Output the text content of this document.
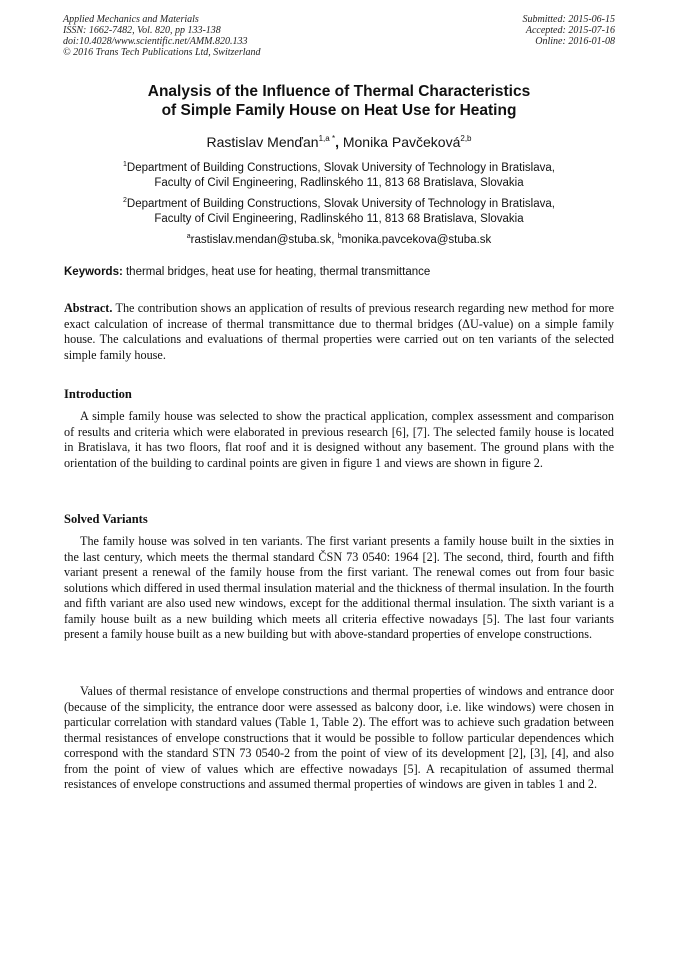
Applied Mechanics and Materials
ISSN: 1662-7482, Vol. 820, pp 133-138
doi:10.4028/www.scientific.net/AMM.820.133
© 2016 Trans Tech Publications Ltd, Switzerland
Submitted: 2015-06-15
Accepted: 2015-07-16
Online: 2016-01-08
Analysis of the Influence of Thermal Characteristics
of Simple Family House on Heat Use for Heating
Rastislav Menďan$^{1,a *}$, Monika Pavčeková$^{2,b}$
$^1$Department of Building Constructions, Slovak University of Technology in Bratislava,
Faculty of Civil Engineering, Radlinského 11, 813 68 Bratislava, Slovakia
$^2$Department of Building Constructions, Slovak University of Technology in Bratislava,
Faculty of Civil Engineering, Radlinského 11, 813 68 Bratislava, Slovakia
$^a$rastislav.mendan@stuba.sk, $^b$monika.pavcekova@stuba.sk
Keywords: thermal bridges, heat use for heating, thermal transmittance
Abstract. The contribution shows an application of results of previous research regarding new method for more exact calculation of increase of thermal transmittance due to thermal bridges (ΔU-value) on a simple family house. The calculations and evaluations of thermal properties were carried out on ten variants of the selected simple family house.
Introduction
A simple family house was selected to show the practical application, complex assessment and comparison of results and criteria which were elaborated in previous research [6], [7]. The selected family house is located in Bratislava, it has two floors, flat roof and it is designed without any basement. The ground plans with the orientation of the building to cardinal points are given in figure 1 and views are shown in figure 2.
Solved Variants
The family house was solved in ten variants. The first variant presents a family house built in the sixties in the last century, which meets the thermal standard ČSN 73 0540: 1964 [2]. The second, third, fourth and fifth variant present a renewal of the family house from the first variant. The renewal comes out from four basic solutions which differed in used thermal insulation material and the thickness of thermal insulation. In the fourth and fifth variant are also used new windows, except for the additional thermal insulation. The sixth variant is a family house built as a new building which meets all criteria effective nowadays [5]. The last four variants present a family house built as a new building but with above-standard properties of envelope constructions.
Values of thermal resistance of envelope constructions and thermal properties of windows and entrance door (because of the simplicity, the entrance door were assessed as balcony door, i.e. like windows) were chosen in particular correlation with standard values (Table 1, Table 2). The effort was to achieve such gradation between thermal resistances of envelope constructions that it would be possible to follow particular dependences which correspond with the standard STN 73 0540-2 from the point of view of its development [2], [3], [4], and also from the point of view of values which are effective nowadays [5]. A recapitulation of assumed thermal resistances of envelope constructions and assumed thermal properties of windows are given in tables 1 and 2.
